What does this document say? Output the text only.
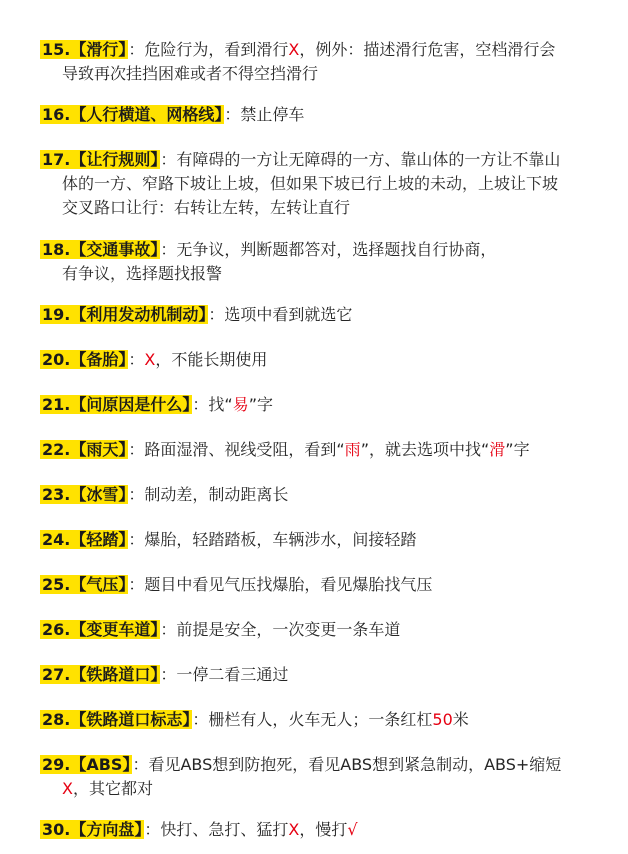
15.【滑行】 ：危险行为，看到滑行X，例外：描述滑行危害，空档滑行会
导致再次挂挡困难或者不得空挡滑行
16.【人行横道、网格线】 ：禁止停车
17.【让行规则】 ：有障碍的一方让无障碍的一方、靠山体的一方让不靠山
体的一方、窄路下坡让上坡，但如果下坡已行上坡的未动，上坡让下坡
交叉路口让行：右转让左转，左转让直行
18.【交通事故】 ：无争议，判断题都答对，选择题找自行协商，
有争议，选择题找报警
19.【利用发动机制动】 ：选项中看到就选它
20.【备胎】 ：X，不能长期使用
21.【问原因是什么】 ：找“易”字
22.【雨天】 ：路面湿滑、视线受阻，看到“雨”，就去选项中找“滑”字
23.【冰雪】 ：制动差，制动距离长
24.【轻踏】 ：爆胎，轻踏踏板，车辆涉水，间接轻踏
25.【气压】 ：题目中看见气压找爆胎，看见爆胎找气压
26.【变更车道】 ：前提是安全，一次变更一条车道
27.【铁路道口】 ：一停二看三通过
28.【铁路道口标志】 ：栅栏有人，火车无人；一条红杠50米
29.【ABS】 ：看见ABS想到防抱死，看见ABS想到紧急制动，ABS+缩短
X，其它都对
30.【方向盘】 ：快打、急打、猛打X，慢打√
